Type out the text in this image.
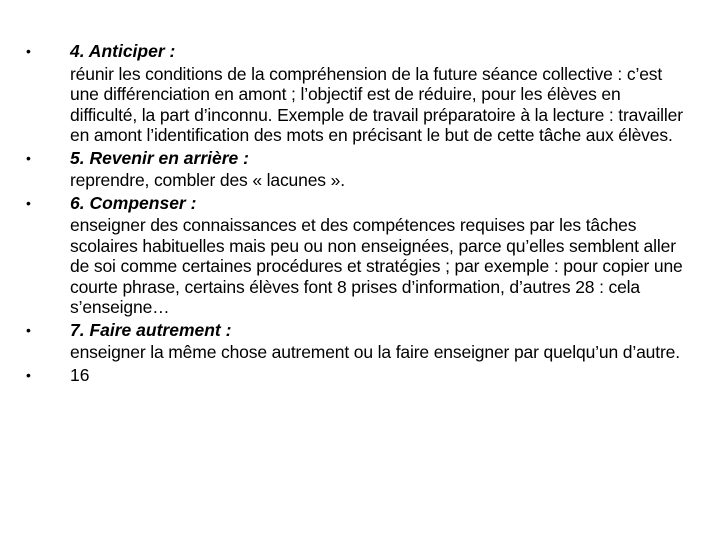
•	4. Anticiper :
réunir les conditions de la compréhension de la future séance collective : c’est une différenciation en amont ; l’objectif est de réduire, pour les élèves en difficulté, la part d’inconnu. Exemple de travail préparatoire à la lecture : travailler en amont l’identification des mots en précisant le but de cette tâche aux élèves.
•	5. Revenir en arrière :
reprendre, combler des « lacunes ».
•	6. Compenser :
enseigner des connaissances et des compétences requises par les tâches scolaires habituelles mais peu ou non enseignées, parce qu’elles semblent aller de soi comme certaines procédures et stratégies ; par exemple : pour copier une courte phrase, certains élèves font 8 prises d’information, d’autres 28 : cela s’enseigne…
•	7. Faire autrement :
enseigner la même chose autrement ou la faire enseigner par quelqu’un d’autre.
•	16
